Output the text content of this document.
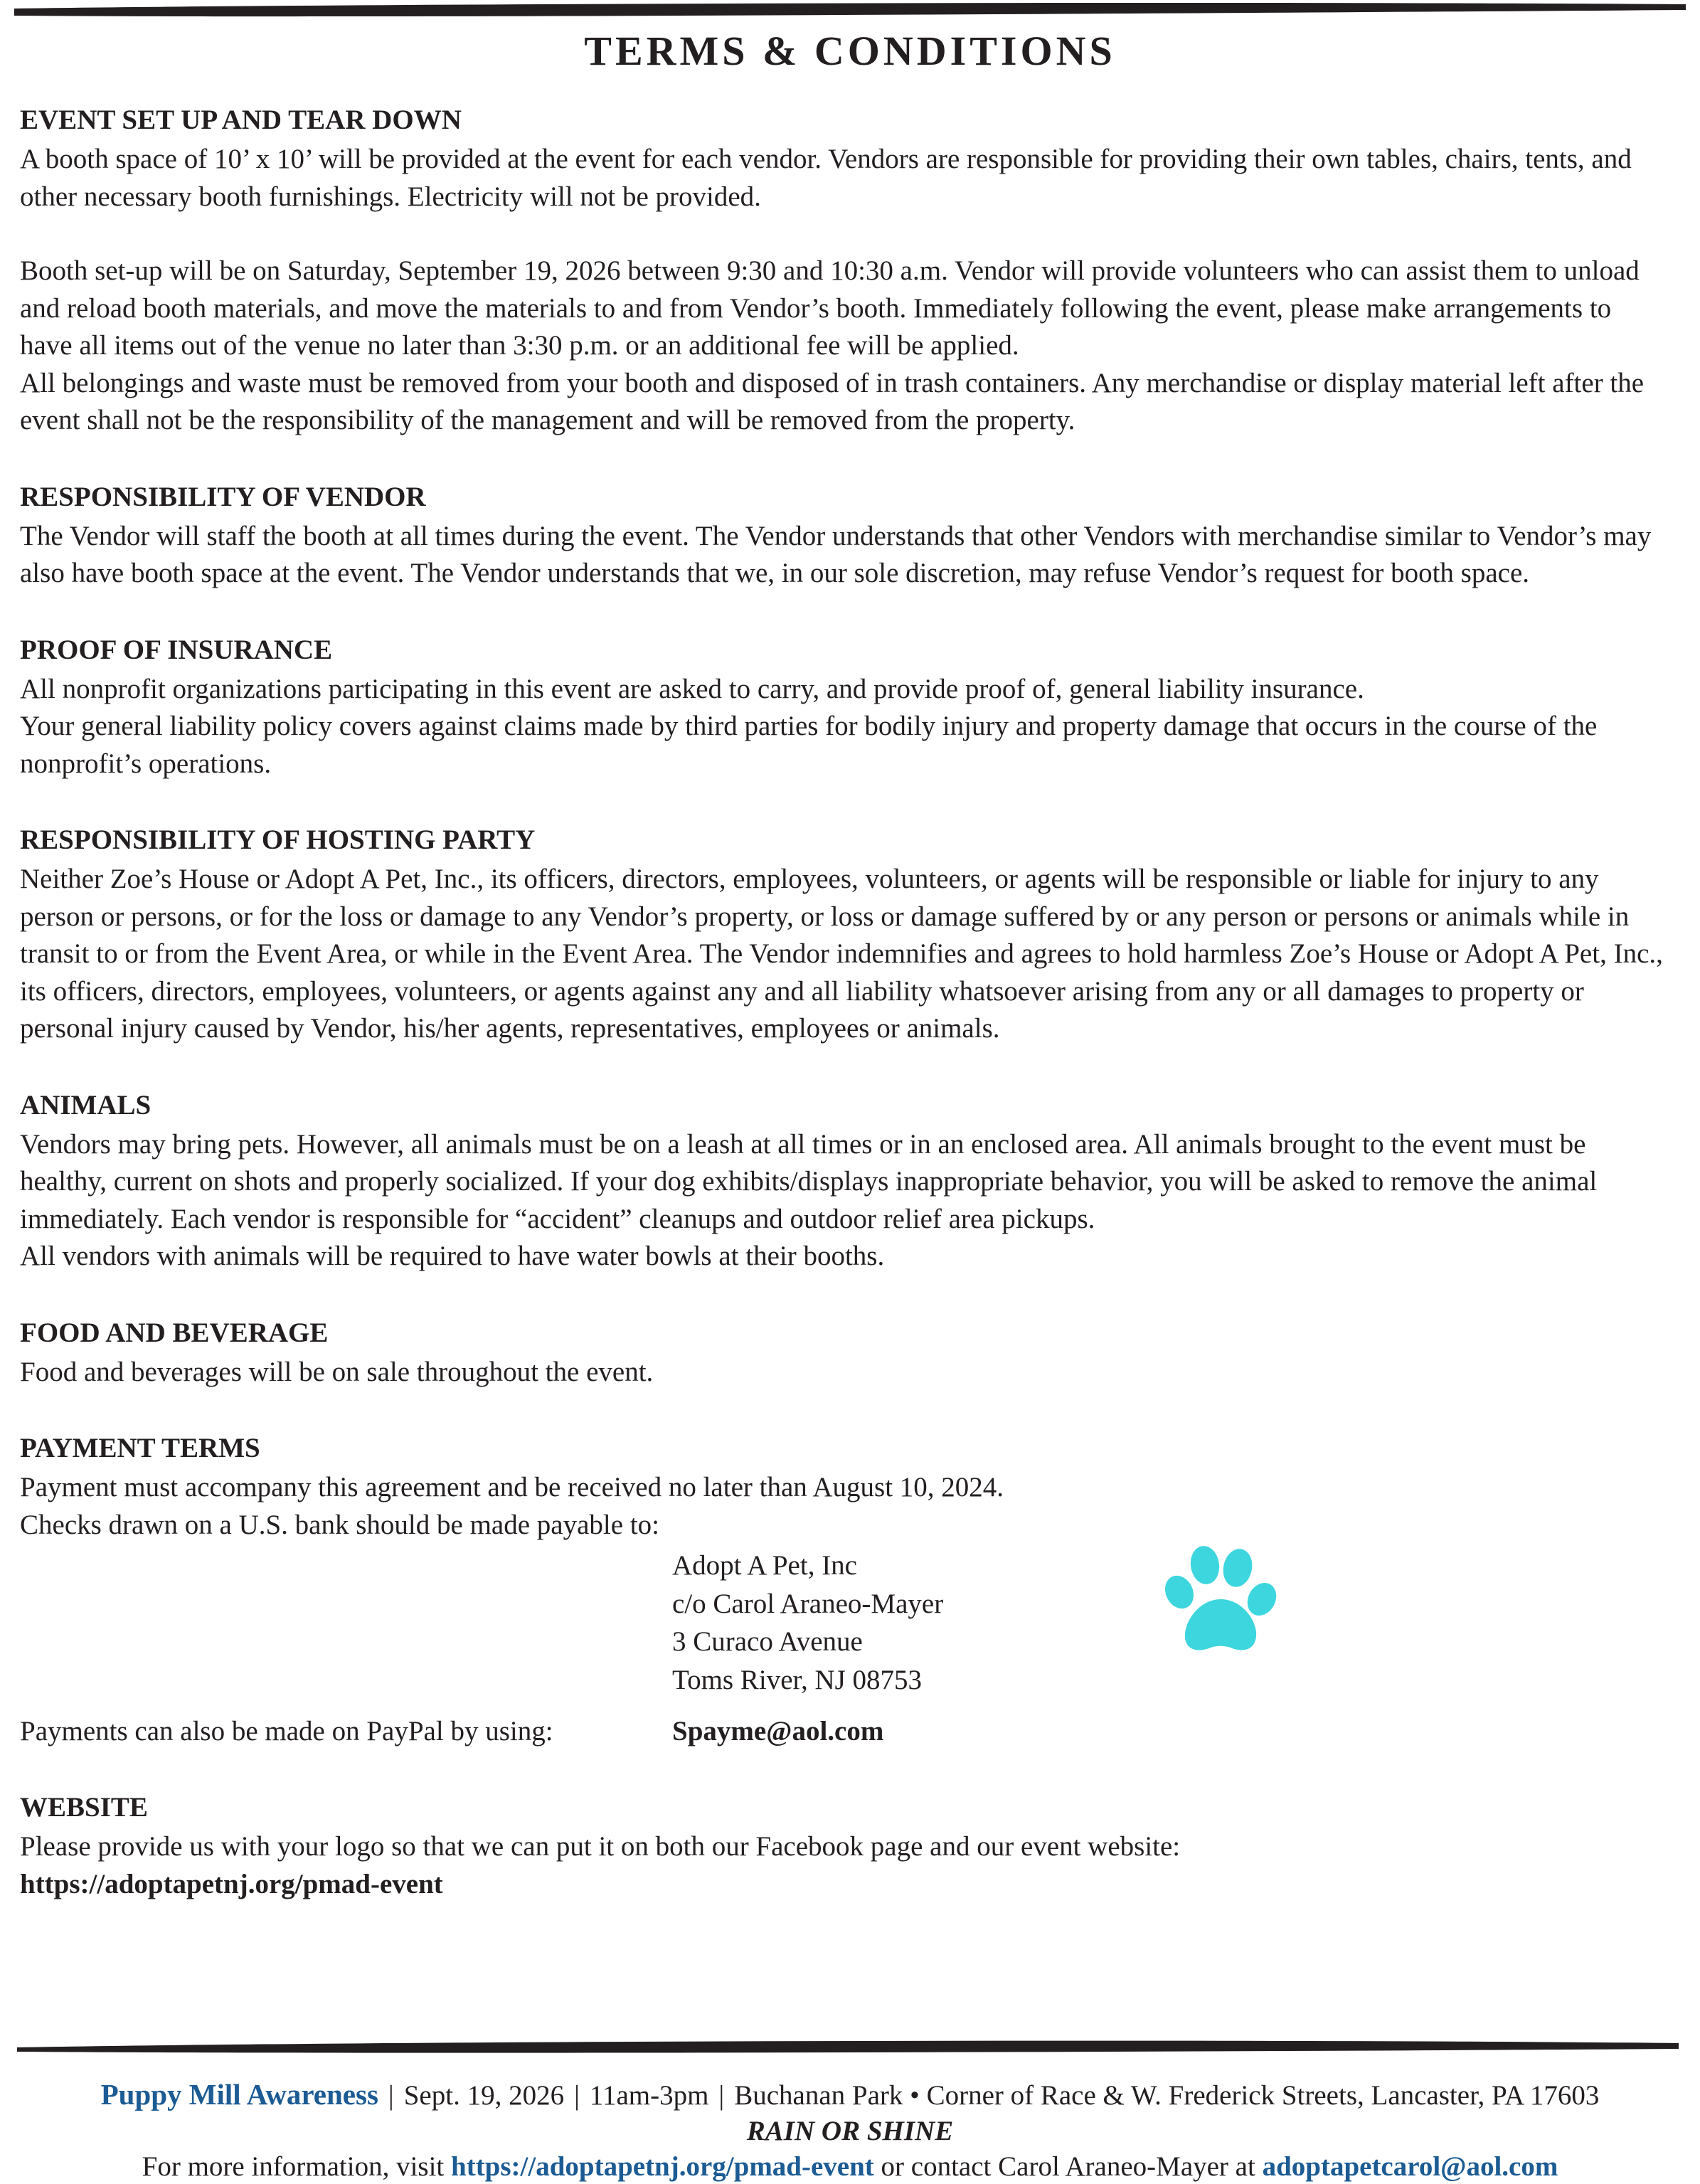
TERMS & CONDITIONS
EVENT SET UP AND TEAR DOWN

A booth space of 10’ x 10’ will be provided at the event for each vendor. Vendors are responsible for providing their own tables, chairs, tents, and other necessary booth furnishings. Electricity will not be provided.

Booth set-up will be on Saturday, September 19, 2026 between 9:30 and 10:30 a.m. Vendor will provide volunteers who can assist them to unload and reload booth materials, and move the materials to and from Vendor’s booth. Immediately following the event, please make arrangements to have all items out of the venue no later than 3:30 p.m. or an additional fee will be applied.

All belongings and waste must be removed from your booth and disposed of in trash containers. Any merchandise or display material left after the event shall not be the responsibility of the management and will be removed from the property.

RESPONSIBILITY OF VENDOR

The Vendor will staff the booth at all times during the event. The Vendor understands that other Vendors with merchandise similar to Vendor’s may also have booth space at the event. The Vendor understands that we, in our sole discretion, may refuse Vendor’s request for booth space.

PROOF OF INSURANCE

All nonprofit organizations participating in this event are asked to carry, and provide proof of, general liability insurance.

Your general liability policy covers against claims made by third parties for bodily injury and property damage that occurs in the course of the nonprofit’s operations.

RESPONSIBILITY OF HOSTING PARTY

Neither Zoe’s House or Adopt A Pet, Inc., its officers, directors, employees, volunteers, or agents will be responsible or liable for injury to any person or persons, or for the loss or damage to any Vendor’s property, or loss or damage suffered by or any person or persons or animals while in transit to or from the Event Area, or while in the Event Area. The Vendor indemnifies and agrees to hold harmless Zoe’s House or Adopt A Pet, Inc., its officers, directors, employees, volunteers, or agents against any and all liability whatsoever arising from any or all damages to property or personal injury caused by Vendor, his/her agents, representatives, employees or animals.

ANIMALS

Vendors may bring pets. However, all animals must be on a leash at all times or in an enclosed area. All animals brought to the event must be healthy, current on shots and properly socialized. If your dog exhibits/displays inappropriate behavior, you will be asked to remove the animal immediately. Each vendor is responsible for “accident” cleanups and outdoor relief area pickups.

All vendors with animals will be required to have water bowls at their booths.

FOOD AND BEVERAGE

Food and beverages will be on sale throughout the event.

PAYMENT TERMS

Payment must accompany this agreement and be received no later than August 10, 2024.

Checks drawn on a U.S. bank should be made payable to:

Adopt A Pet, Inc
c/o Carol Araneo-Mayer
3 Curaco Avenue
Toms River, NJ 08753
Payments can also be made on PayPal by using:	Spayme@aol.com
WEBSITE

Please provide us with your logo so that we can put it on both our Facebook page and our event website:

https://adoptapetnj.org/pmad-event

Puppy Mill Awareness | Sept. 19, 2026 | 11am-3pm | Buchanan Park • Corner of Race & W. Frederick Streets, Lancaster, PA 17603
RAIN OR SHINE
For more information, visit https://adoptapetnj.org/pmad-event or contact Carol Araneo-Mayer at adoptapetcarol@aol.com
